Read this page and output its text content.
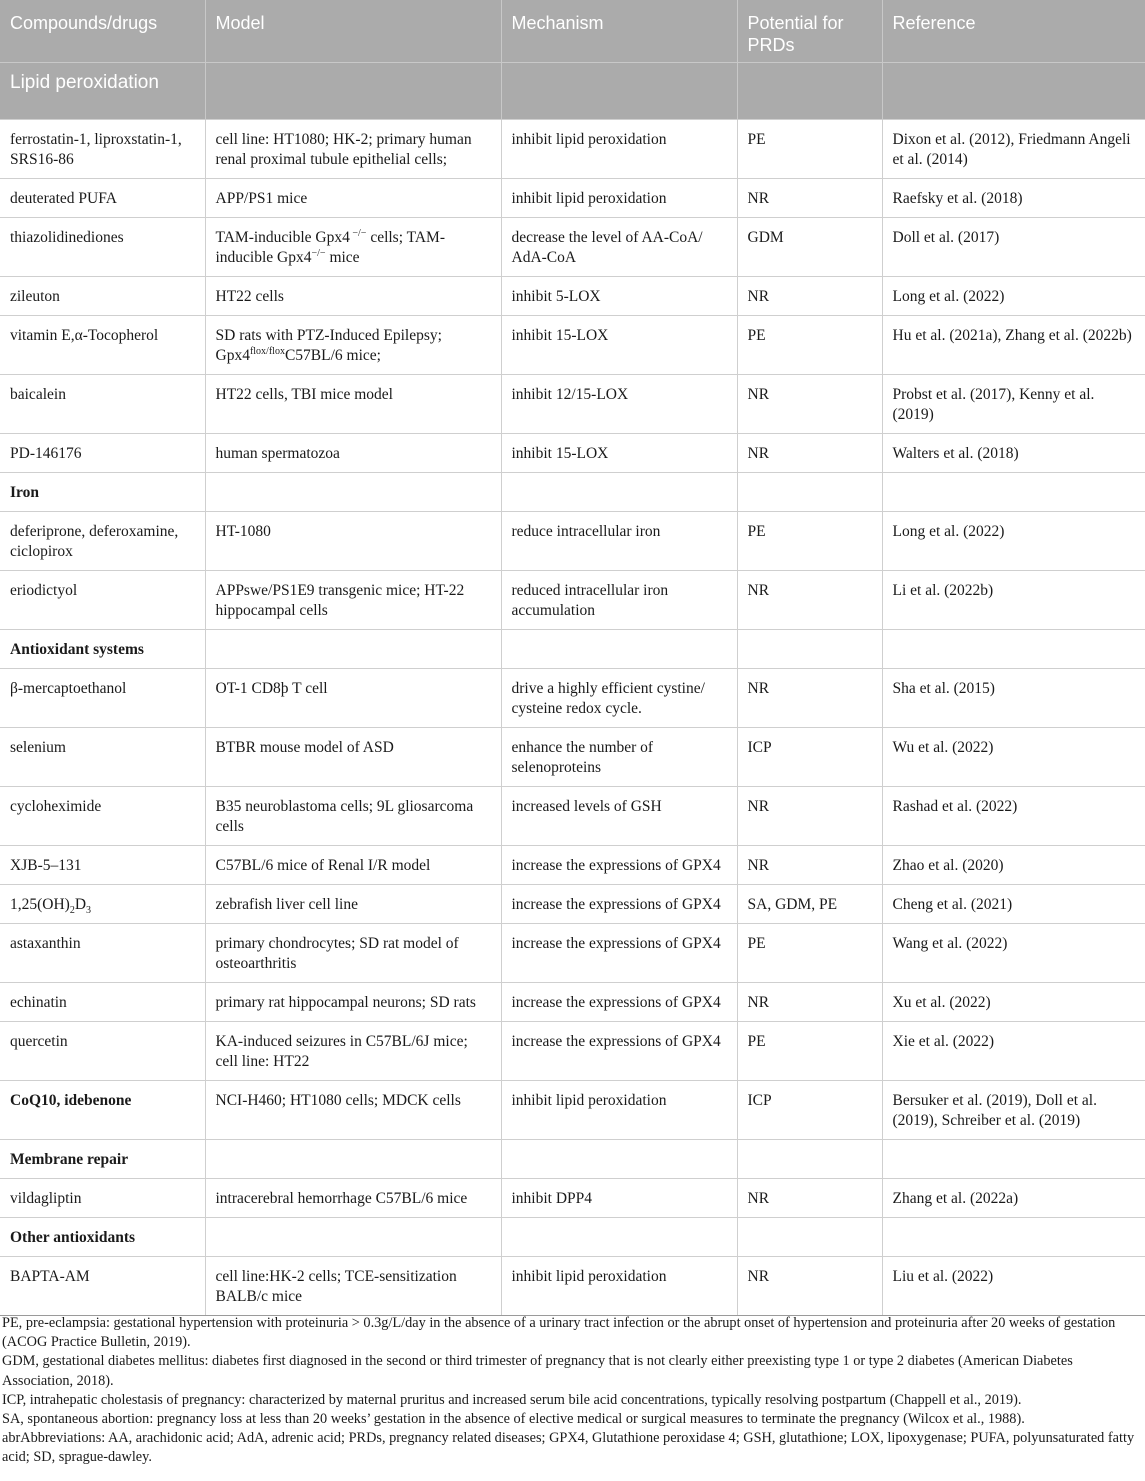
Compounds/drugs	Model	Mechanism	Potential for PRDs	Reference
Lipid peroxidation				
ferrostatin-1, liproxstatin-1, SRS16-86	cell line: HT1080; HK-2; primary human renal proximal tubule epithelial cells;	inhibit lipid peroxidation	PE	Dixon et al. (2012), Friedmann Angeli et al. (2014)
deuterated PUFA	APP/PS1 mice	inhibit lipid peroxidation	NR	Raefsky et al. (2018)
thiazolidinediones	TAM-inducible Gpx4 −/− cells; TAM-inducible Gpx4−/− mice	decrease the level of AA-CoA/ AdA-CoA	GDM	Doll et al. (2017)
zileuton	HT22 cells	inhibit 5-LOX	NR	Long et al. (2022)
vitamin E,α-Tocopherol	SD rats with PTZ-Induced Epilepsy; $Gpx4^{flox/flox}C57BL/6$ mice;	inhibit 15-LOX	PE	Hu et al. (2021a), Zhang et al. (2022b)
baicalein	HT22 cells, TBI mice model	inhibit 12/15-LOX	NR	Probst et al. (2017), Kenny et al. (2019)
PD-146176	human spermatozoa	inhibit 15-LOX	NR	Walters et al. (2018)
Iron				
deferiprone, deferoxamine, ciclopirox	HT-1080	reduce intracellular iron	PE	Long et al. (2022)
eriodictyol	APPswe/PS1E9 transgenic mice; HT-22 hippocampal cells	reduced intracellular iron accumulation	NR	Li et al. (2022b)
Antioxidant systems				
β-mercaptoethanol	OT-1 CD8þ T cell	drive a highly efficient cystine/ cysteine redox cycle.	NR	Sha et al. (2015)
selenium	BTBR mouse model of ASD	enhance the number of selenoproteins	ICP	Wu et al. (2022)
cycloheximide	B35 neuroblastoma cells; 9L gliosarcoma cells	increased levels of GSH	NR	Rashad et al. (2022)
XJB-5–131	C57BL/6 mice of Renal I/R model	increase the expressions of GPX4	NR	Zhao et al. (2020)
$1,25(OH)_2D_3$	zebrafish liver cell line	increase the expressions of GPX4	SA, GDM, PE	Cheng et al. (2021)
astaxanthin	primary chondrocytes; SD rat model of osteoarthritis	increase the expressions of GPX4	PE	Wang et al. (2022)
echinatin	primary rat hippocampal neurons; SD rats	increase the expressions of GPX4	NR	Xu et al. (2022)
quercetin	KA-induced seizures in C57BL/6J mice; cell line: HT22	increase the expressions of GPX4	PE	Xie et al. (2022)
CoQ10, idebenone	NCI-H460; HT1080 cells; MDCK cells	inhibit lipid peroxidation	ICP	Bersuker et al. (2019), Doll et al. (2019), Schreiber et al. (2019)
Membrane repair				
vildagliptin	intracerebral hemorrhage C57BL/6 mice	inhibit DPP4	NR	Zhang et al. (2022a)
Other antioxidants				
BAPTA-AM	cell line:HK-2 cells; TCE-sensitization BALB/c mice	inhibit lipid peroxidation	NR	Liu et al. (2022)

PE, pre-eclampsia: gestational hypertension with proteinuria > 0.3g/L/day in the absence of a urinary tract infection or the abrupt onset of hypertension and proteinuria after 20 weeks of gestation (ACOG Practice Bulletin, 2019).

GDM, gestational diabetes mellitus: diabetes first diagnosed in the second or third trimester of pregnancy that is not clearly either preexisting type 1 or type 2 diabetes (American Diabetes Association, 2018).

ICP, intrahepatic cholestasis of pregnancy: characterized by maternal pruritus and increased serum bile acid concentrations, typically resolving postpartum (Chappell et al., 2019).

SA, spontaneous abortion: pregnancy loss at less than 20 weeks’ gestation in the absence of elective medical or surgical measures to terminate the pregnancy (Wilcox et al., 1988).

abrAbbreviations: AA, arachidonic acid; AdA, adrenic acid; PRDs, pregnancy related diseases; GPX4, Glutathione peroxidase 4; GSH, glutathione; LOX, lipoxygenase; PUFA, polyunsaturated fatty acid; SD, sprague-dawley.
